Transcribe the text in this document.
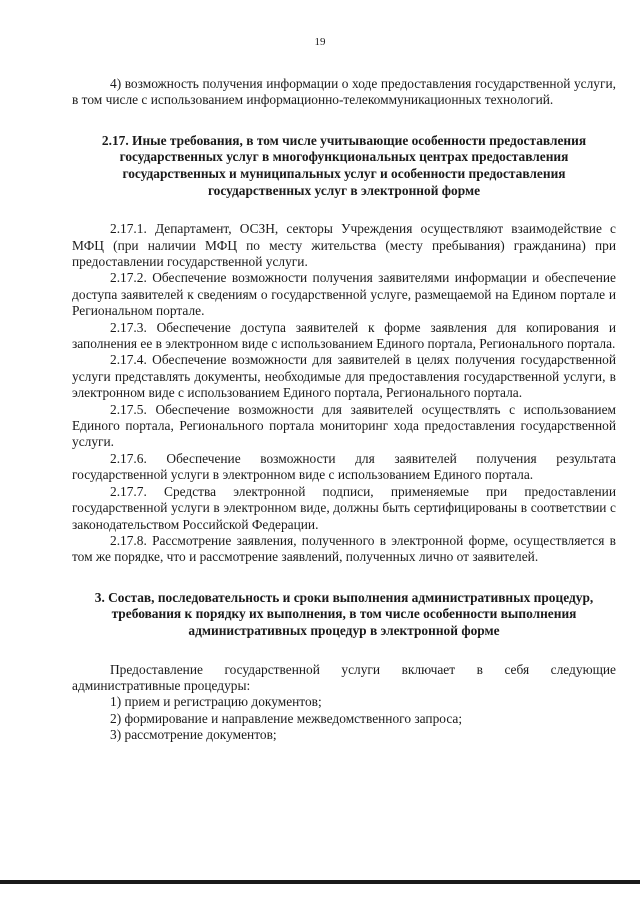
19

4) возможность получения информации о ходе предоставления государственной услуги, в том числе с использованием информационно-телекоммуникационных технологий.

2.17. Иные требования, в том числе учитывающие особенности предоставления государственных услуг в многофункциональных центрах предоставления государственных и муниципальных услуг и особенности предоставления государственных услуг в электронной форме

2.17.1. Департамент, ОСЗН, секторы Учреждения осуществляют взаимодействие с МФЦ (при наличии МФЦ по месту жительства (месту пребывания) гражданина) при предоставлении государственной услуги.

2.17.2. Обеспечение возможности получения заявителями информации и обеспечение доступа заявителей к сведениям о государственной услуге, размещаемой на Едином портале и Региональном портале.

2.17.3. Обеспечение доступа заявителей к форме заявления для копирования и заполнения ее в электронном виде с использованием Единого портала, Регионального портала.

2.17.4. Обеспечение возможности для заявителей в целях получения государственной услуги представлять документы, необходимые для предоставления государственной услуги, в электронном виде с использованием Единого портала, Регионального портала.

2.17.5. Обеспечение возможности для заявителей осуществлять с использованием Единого портала, Регионального портала мониторинг хода предоставления государственной услуги.

2.17.6. Обеспечение возможности для заявителей получения результата государственной услуги в электронном виде с использованием Единого портала.

2.17.7. Средства электронной подписи, применяемые при предоставлении государственной услуги в электронном виде, должны быть сертифицированы в соответствии с законодательством Российской Федерации.

2.17.8. Рассмотрение заявления, полученного в электронной форме, осуществляется в том же порядке, что и рассмотрение заявлений, полученных лично от заявителей.

3. Состав, последовательность и сроки выполнения административных процедур, требования к порядку их выполнения, в том числе особенности выполнения административных процедур в электронной форме

Предоставление государственной услуги включает в себя следующие административные процедуры:

1) прием и регистрацию документов;

2) формирование и направление межведомственного запроса;

3) рассмотрение документов;
